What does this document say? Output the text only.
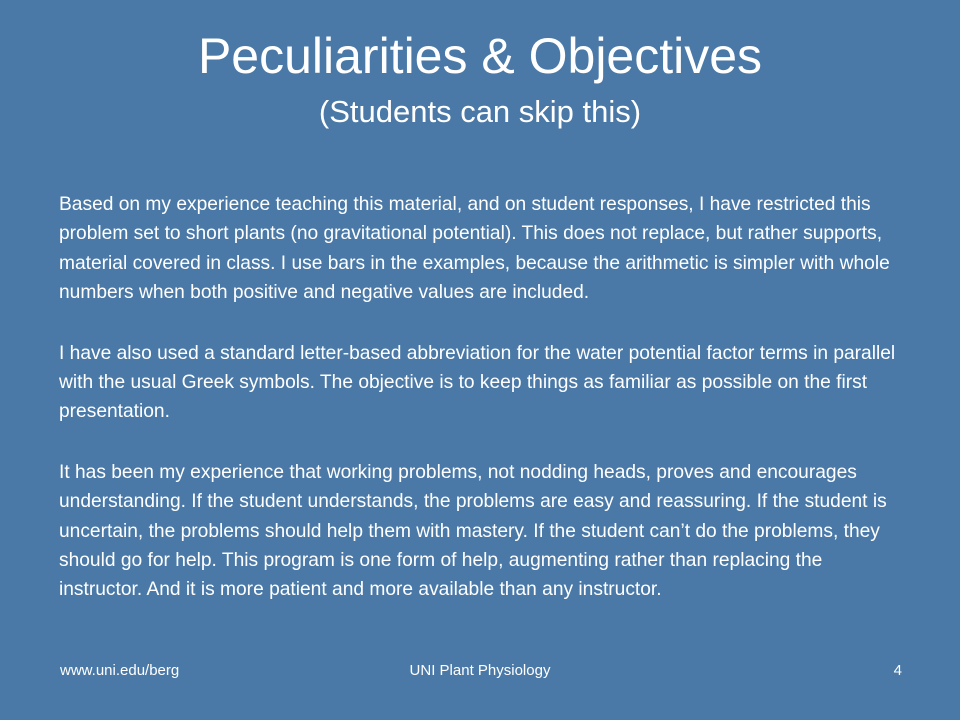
Peculiarities & Objectives
(Students can skip this)

Based on my experience teaching this material, and on student responses, I have restricted this problem set to short plants (no gravitational potential). This does not replace, but rather supports, material covered in class. I use bars in the examples, because the arithmetic is simpler with whole numbers when both positive and negative values are included.

I have also used a standard letter-based abbreviation for the water potential factor terms in parallel with the usual Greek symbols. The objective is to keep things as familiar as possible on the first presentation.

It has been my experience that working problems, not nodding heads, proves and encourages understanding. If the student understands, the problems are easy and reassuring. If the student is uncertain, the problems should help them with mastery. If the student can’t do the problems, they should go for help. This program is one form of help, augmenting rather than replacing the instructor. And it is more patient and more available than any instructor.

www.uni.edu/berg	UNI Plant Physiology	4
